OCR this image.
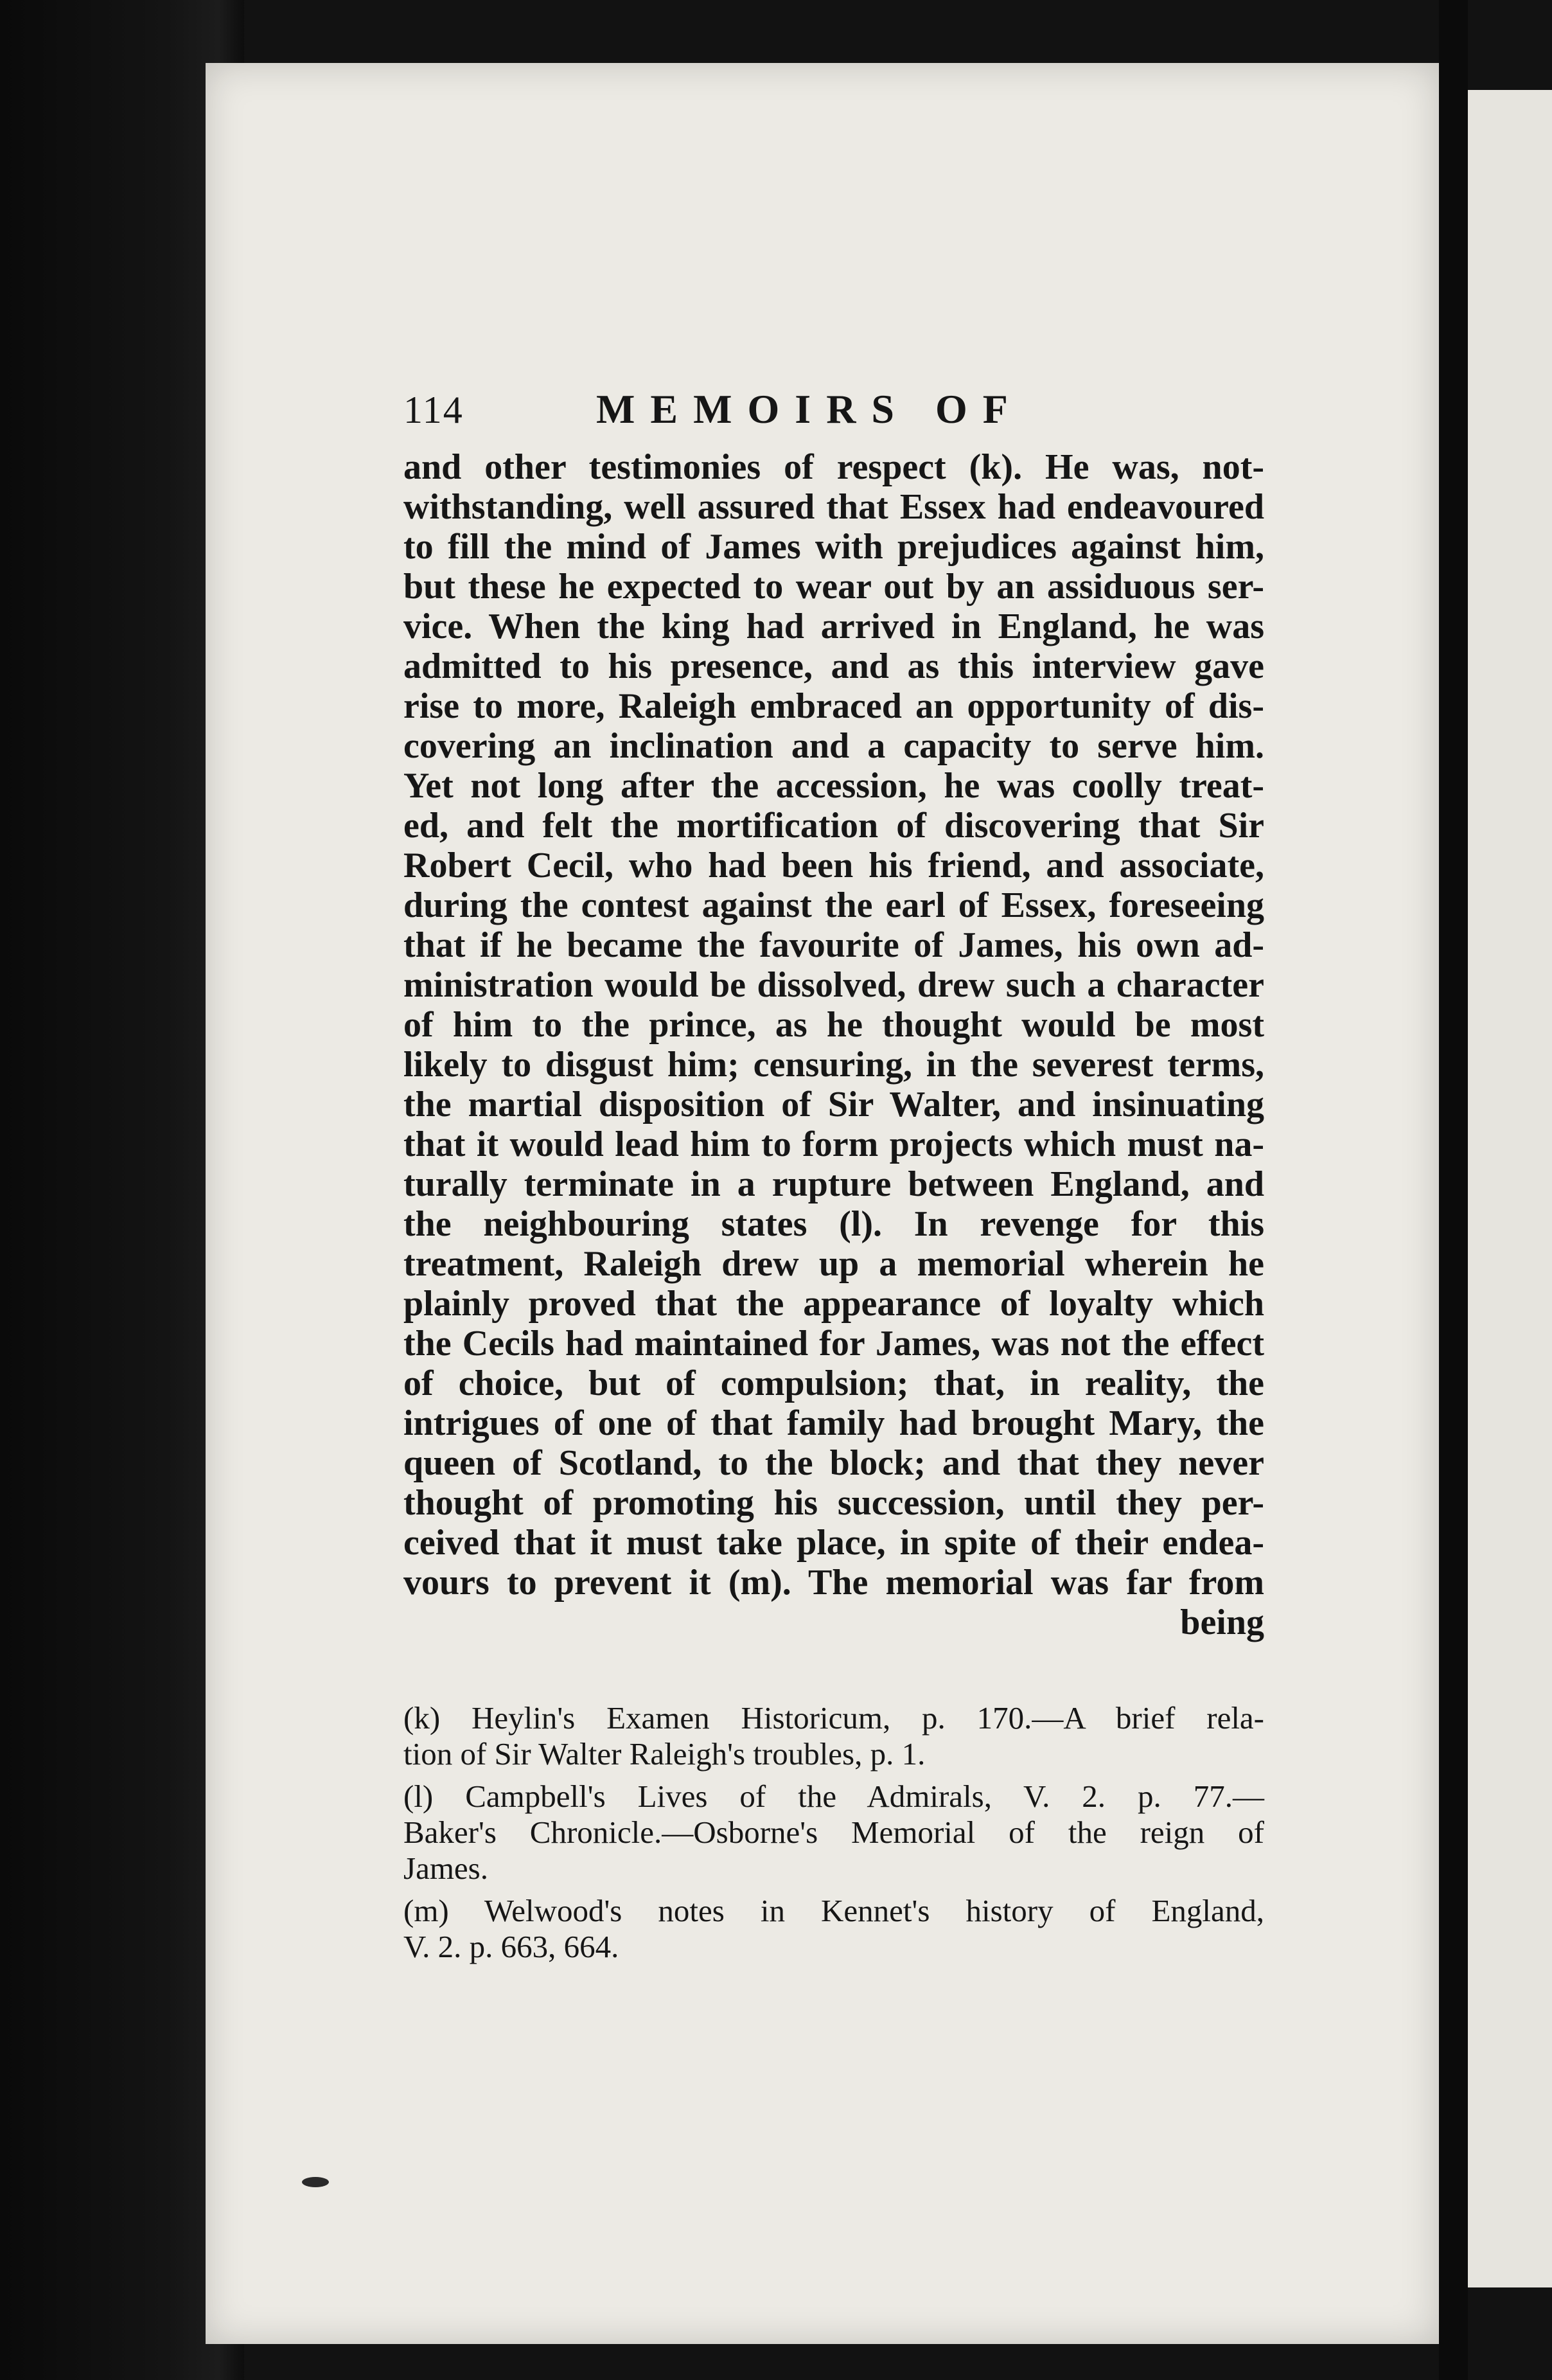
114	MEMOIRS OF
and other testimonies of respect (k). He was, not-
withstanding, well assured that Essex had endeavoured
to fill the mind of James with prejudices against him,
but these he expected to wear out by an assiduous ser-
vice. When the king had arrived in England, he was
admitted to his presence, and as this interview gave
rise to more, Raleigh embraced an opportunity of dis-
covering an inclination and a capacity to serve him.
Yet not long after the accession, he was coolly treat-
ed, and felt the mortification of discovering that Sir
Robert Cecil, who had been his friend, and associate,
during the contest against the earl of Essex, foreseeing
that if he became the favourite of James, his own ad-
ministration would be dissolved, drew such a character
of him to the prince, as he thought would be most
likely to disgust him; censuring, in the severest terms,
the martial disposition of Sir Walter, and insinuating
that it would lead him to form projects which must na-
turally terminate in a rupture between England, and
the neighbouring states (l). In revenge for this
treatment, Raleigh drew up a memorial wherein he
plainly proved that the appearance of loyalty which
the Cecils had maintained for James, was not the effect
of choice, but of compulsion; that, in reality, the
intrigues of one of that family had brought Mary, the
queen of Scotland, to the block; and that they never
thought of promoting his succession, until they per-
ceived that it must take place, in spite of their endea-
vours to prevent it (m). The memorial was far from
being
(k) Heylin's Examen Historicum, p. 170.—A brief rela-
tion of Sir Walter Raleigh's troubles, p. 1.
(l) Campbell's Lives of the Admirals, V. 2. p. 77.—
Baker's Chronicle.—Osborne's Memorial of the reign of
James.
(m) Welwood's notes in Kennet's history of England,
V. 2. p. 663, 664.
